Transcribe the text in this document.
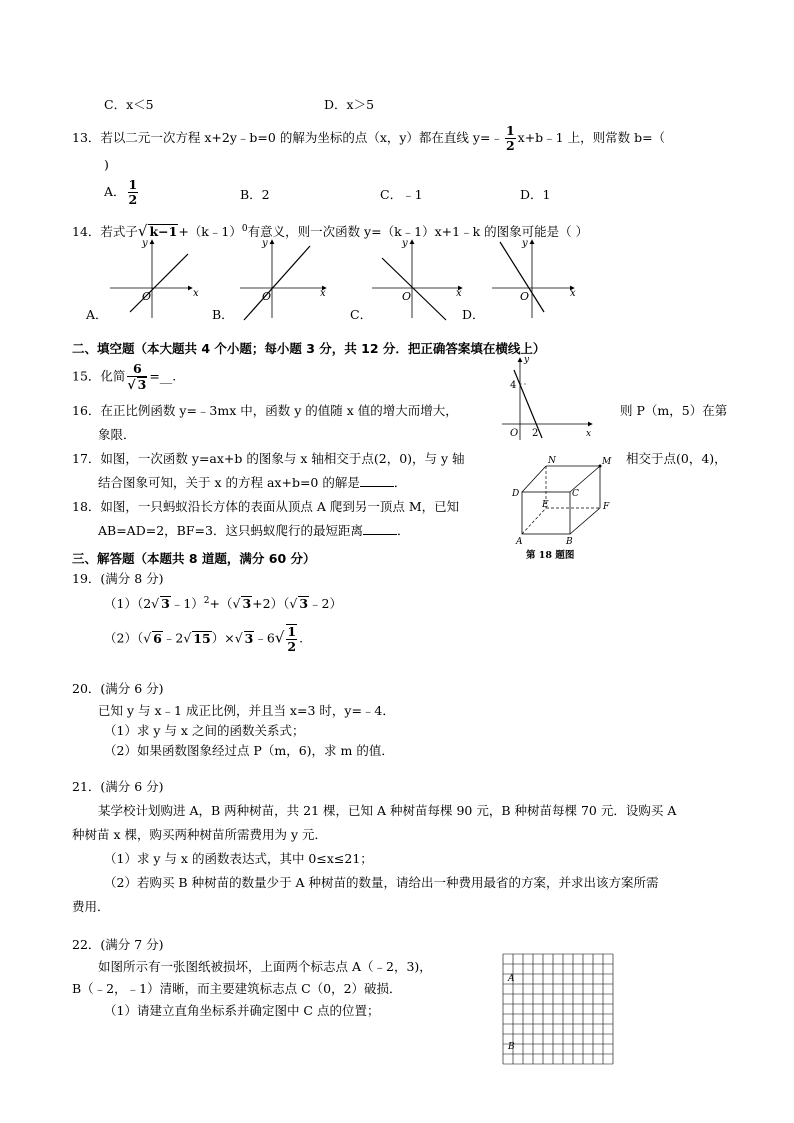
C．x＜5	D．x＞5
13．若以二元一次方程 x+2y﹣b=0 的解为坐标的点（x，y）都在直线 y=﹣ $\frac{1}{2}$ x+b﹣1 上，则常数 b=（
)
A． $\frac{1}{2}$	B．2	C．﹣1	D．1
14．若式子√ k−1+（k﹣1）$^0$有意义，则一次函数 y=（k﹣1）x+1﹣k 的图象可能是（ ）
O	x
y
O	x
y
O	x
y
O	x
y
A．	B．	C．	D．
二、填空题（本大题共 4 个小题；每小题 3 分，共 12 分．把正确答案填在横线上）
15．化简 $\frac{6}{√ 3}$ =__.
4
2
O	x
y
16．在正比例函数 y=﹣3mx 中，函数 y 的值随 x 值的增大而增大，	则 P（m，5）在第
象限．
17．如图，一次函数 y=ax+b 的图象与 x 轴相交于点(2，0)，与 y 轴	相交于点(0，4)，
结合图象可知，关于 x 的方程 ax+b=0 的解是	．
N	M
C
D
E	F
A	B
第 18 题图
18．如图，一只蚂蚁沿长方体的表面从顶点 A 爬到另一顶点 M，已知
AB=AD=2，BF=3．这只蚂蚁爬行的最短距离	．
三、解答题（本题共 8 道题，满分 60 分）
19．(满分 8 分)
（1）（2√ 3﹣1）$^2$+（√ 3+2）（√ 3﹣2）
（2）（√ 6﹣2√ 15）×√ 3﹣6√ $\frac{1}{2}$ .
20．(满分 6 分)
已知 y 与 x﹣1 成正比例，并且当 x=3 时，y=﹣4．
（1）求 y 与 x 之间的函数关系式；
（2）如果函数图象经过点 P（m，6)，求 m 的值．
21．(满分 6 分)
某学校计划购进 A，B 两种树苗，共 21 棵，已知 A 种树苗每棵 90 元，B 种树苗每棵 70 元．设购买 A
种树苗 x 棵，购买两种树苗所需费用为 y 元．
（1）求 y 与 x 的函数表达式，其中 0≤x≤21；
（2）若购买 B 种树苗的数量少于 A 种树苗的数量，请给出一种费用最省的方案，并求出该方案所需
费用．
22．(满分 7 分)
如图所示有一张图纸被损坏，上面两个标志点 A（﹣2，3)，
B（﹣2，﹣1）清晰，而主要建筑标志点 C（0，2）破损．
（1）请建立直角坐标系并确定图中 C 点的位置；
A
B
